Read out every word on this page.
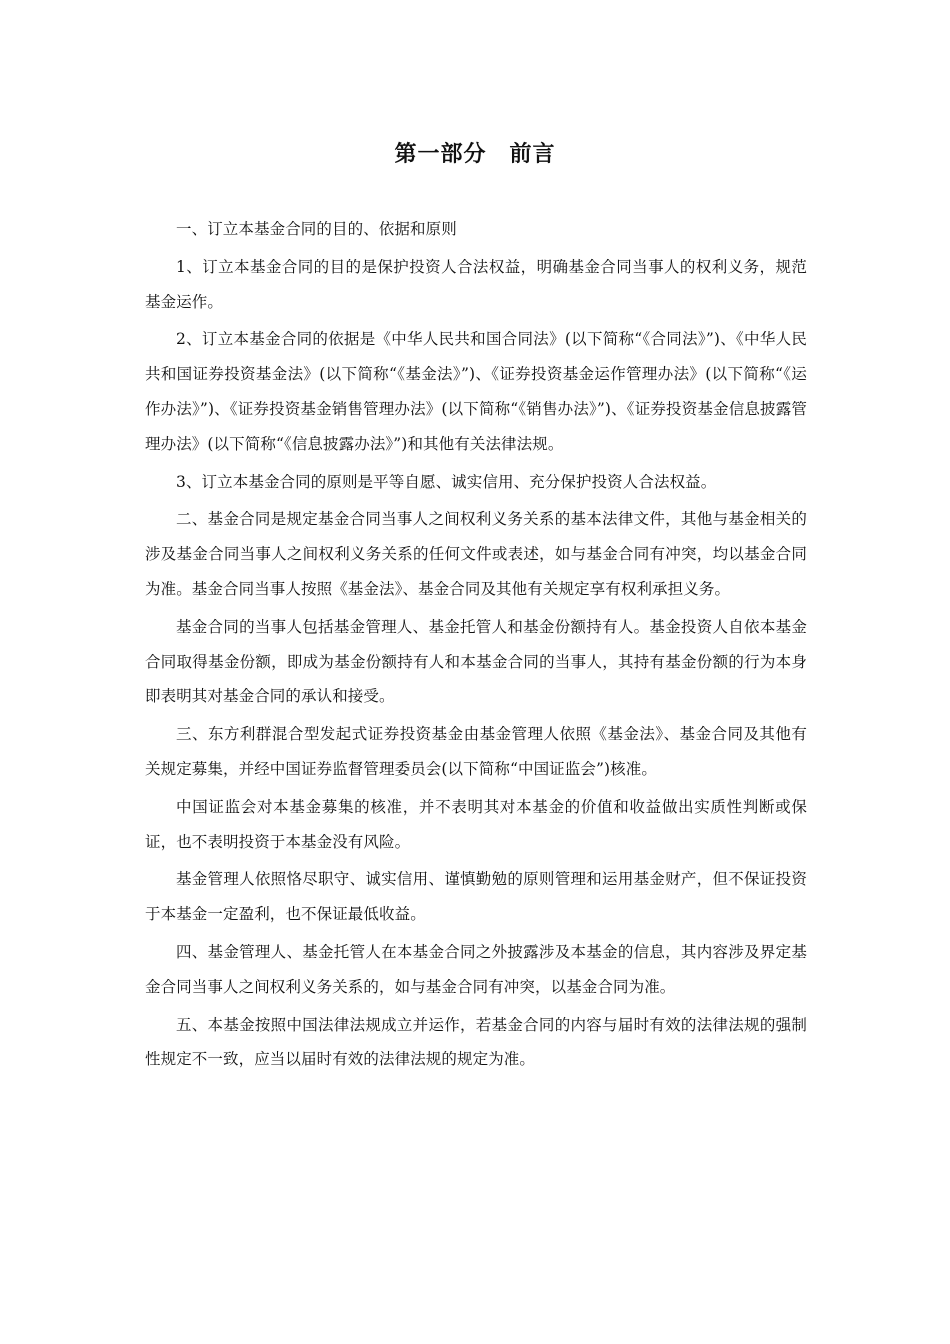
第一部分　前言

一、订立本基金合同的目的、依据和原则

1、订立本基金合同的目的是保护投资人合法权益，明确基金合同当事人的权利义务，规范基金运作。

2、订立本基金合同的依据是《中华人民共和国合同法》(以下简称“《合同法》”)、《中华人民共和国证券投资基金法》(以下简称“《基金法》”)、《证券投资基金运作管理办法》(以下简称“《运作办法》”)、《证券投资基金销售管理办法》(以下简称“《销售办法》”)、《证券投资基金信息披露管理办法》(以下简称“《信息披露办法》”)和其他有关法律法规。

3、订立本基金合同的原则是平等自愿、诚实信用、充分保护投资人合法权益。

二、基金合同是规定基金合同当事人之间权利义务关系的基本法律文件，其他与基金相关的涉及基金合同当事人之间权利义务关系的任何文件或表述，如与基金合同有冲突，均以基金合同为准。基金合同当事人按照《基金法》、基金合同及其他有关规定享有权利承担义务。

基金合同的当事人包括基金管理人、基金托管人和基金份额持有人。基金投资人自依本基金合同取得基金份额，即成为基金份额持有人和本基金合同的当事人，其持有基金份额的行为本身即表明其对基金合同的承认和接受。

三、东方利群混合型发起式证券投资基金由基金管理人依照《基金法》、基金合同及其他有关规定募集，并经中国证券监督管理委员会(以下简称“中国证监会”)核准。

中国证监会对本基金募集的核准，并不表明其对本基金的价值和收益做出实质性判断或保证，也不表明投资于本基金没有风险。

基金管理人依照恪尽职守、诚实信用、谨慎勤勉的原则管理和运用基金财产，但不保证投资于本基金一定盈利，也不保证最低收益。

四、基金管理人、基金托管人在本基金合同之外披露涉及本基金的信息，其内容涉及界定基金合同当事人之间权利义务关系的，如与基金合同有冲突，以基金合同为准。

五、本基金按照中国法律法规成立并运作，若基金合同的内容与届时有效的法律法规的强制性规定不一致，应当以届时有效的法律法规的规定为准。
